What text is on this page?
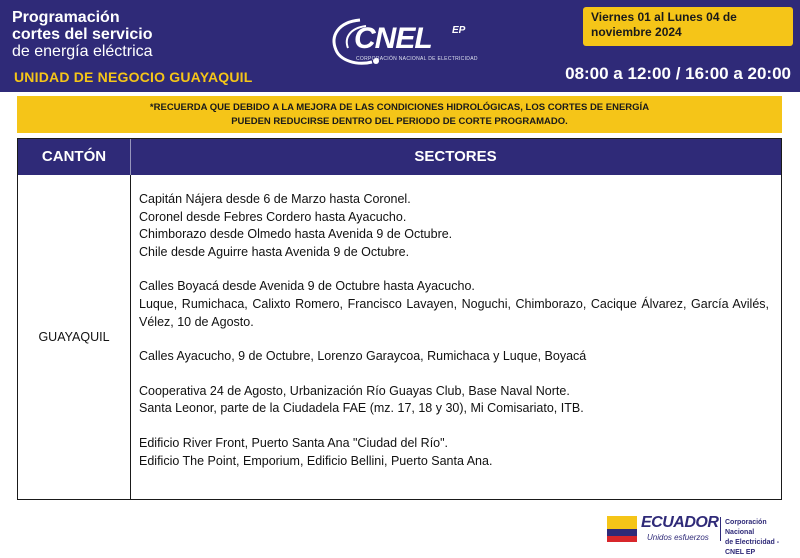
Programación
cortes del servicio
de energía eléctrica
UNIDAD DE NEGOCIO GUAYAQUIL
CNEL EP
CORPORACIÓN NACIONAL DE ELECTRICIDAD
Viernes 01 al Lunes 04 de
noviembre 2024
08:00 a 12:00 / 16:00 a 20:00
*RECUERDA QUE DEBIDO A LA MEJORA DE LAS CONDICIONES HIDROLÓGICAS, LOS CORTES DE ENERGÍA
PUEDEN REDUCIRSE DENTRO DEL PERIODO DE CORTE PROGRAMADO.
CANTÓN	SECTORES
GUAYAQUIL
Capitán Nájera desde 6 de Marzo hasta Coronel.
Coronel desde Febres Cordero hasta Ayacucho.
Chimborazo desde Olmedo hasta Avenida 9 de Octubre.
Chile desde Aguirre hasta Avenida 9 de Octubre.
Calles Boyacá desde Avenida 9 de Octubre hasta Ayacucho.
Luque, Rumichaca, Calixto Romero, Francisco Lavayen, Noguchi, Chimborazo, Cacique Álvarez, García Avilés, Vélez, 10 de Agosto.
Calles Ayacucho, 9 de Octubre, Lorenzo Garaycoa, Rumichaca y Luque, Boyacá
Cooperativa 24 de Agosto, Urbanización Río Guayas Club, Base Naval Norte.
Santa Leonor, parte de la Ciudadela FAE (mz. 17, 18 y 30), Mi Comisariato, ITB.
Edificio River Front, Puerto Santa Ana "Ciudad del Río".
Edificio The Point, Emporium, Edificio Bellini, Puerto Santa Ana.
ECUADOR
Unidos esfuerzos
Corporación Nacional
de Electricidad - CNEL EP
